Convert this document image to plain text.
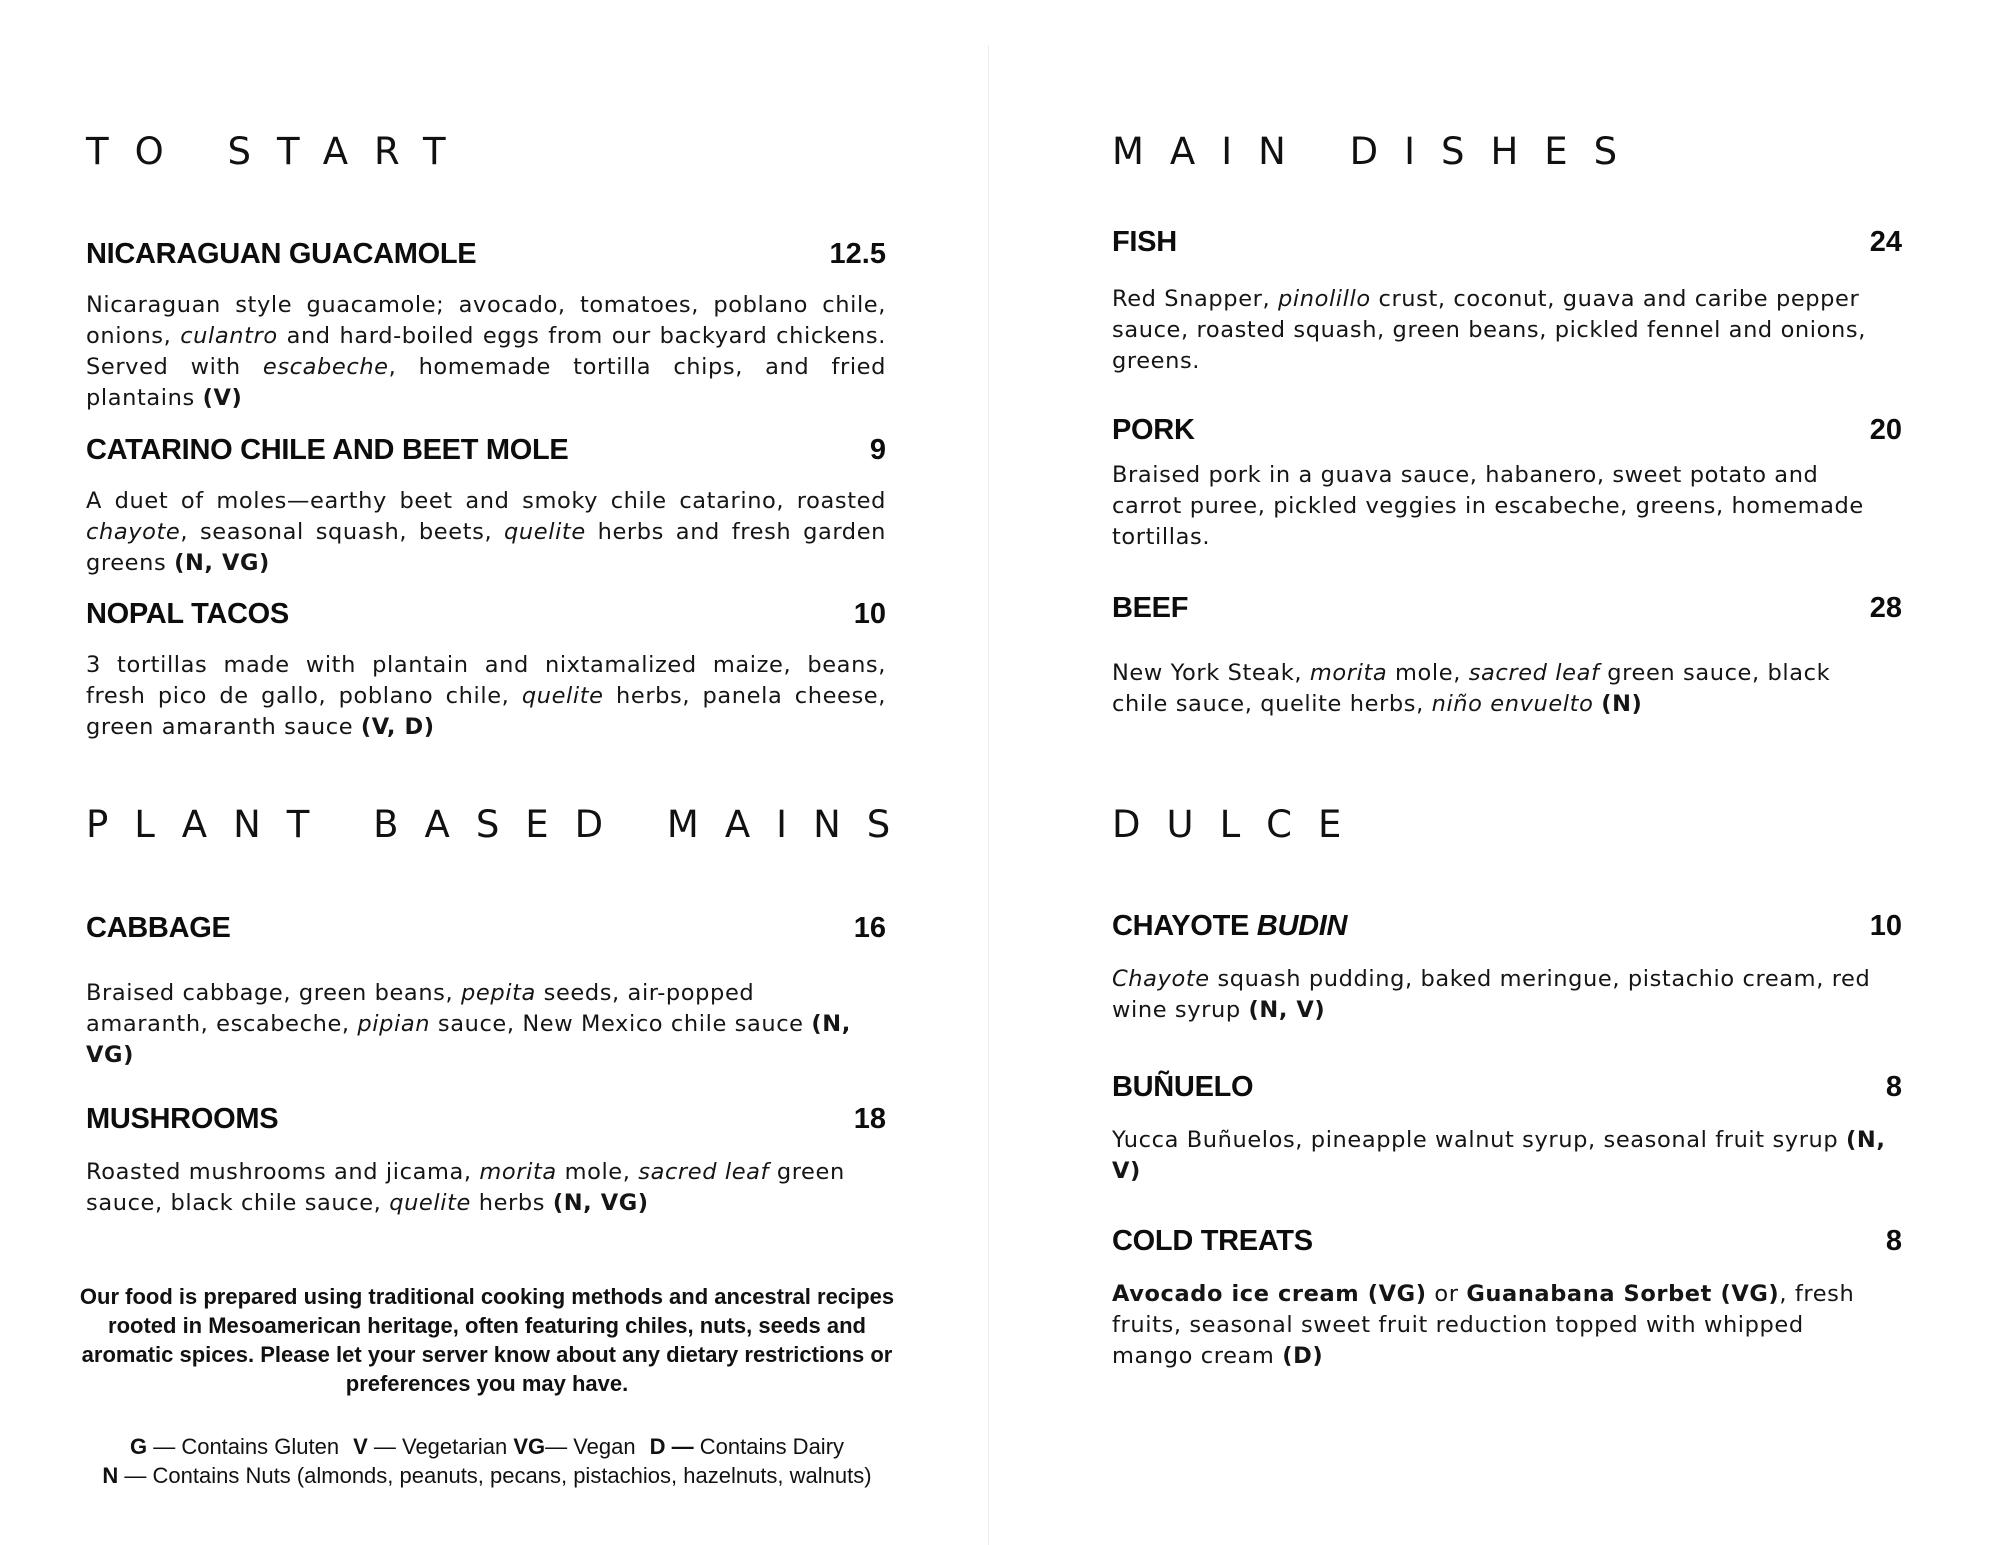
TO START
NICARAGUAN GUACAMOLE	12.5

Nicaraguan style guacamole; avocado, tomatoes, poblano chile, onions, culantro and hard-boiled eggs from our backyard chickens. Served with escabeche, homemade tortilla chips, and fried plantains (V)

CATARINO CHILE AND BEET MOLE	9

A duet of moles—earthy beet and smoky chile catarino, roasted chayote, seasonal squash, beets, quelite herbs and fresh garden greens (N, VG)

NOPAL TACOS	10

3 tortillas made with plantain and nixtamalized maize, beans, fresh pico de gallo, poblano chile, quelite herbs, panela cheese, green amaranth sauce (V, D)

PLANT BASED MAINS
CABBAGE	16

Braised cabbage, green beans, pepita seeds, air-popped amaranth, escabeche, pipian sauce, New Mexico chile sauce (N, VG)

MUSHROOMS	18

Roasted mushrooms and jicama, morita mole, sacred leaf green sauce, black chile sauce, quelite herbs (N, VG)

Our food is prepared using traditional cooking methods and ancestral recipes rooted in Mesoamerican heritage, often featuring chiles, nuts, seeds and aromatic spices. Please let your server know about any dietary restrictions or preferences you may have.

G — Contains Gluten V — Vegetarian VG— Vegan D — Contains Dairy
N — Contains Nuts (almonds, peanuts, pecans, pistachios, hazelnuts, walnuts)
MAIN DISHES
FISH	24

Red Snapper, pinolillo crust, coconut, guava and caribe pepper sauce, roasted squash, green beans, pickled fennel and onions, greens.

PORK	20

Braised pork in a guava sauce, habanero, sweet potato and carrot puree, pickled veggies in escabeche, greens, homemade tortillas.

BEEF	28

New York Steak, morita mole, sacred leaf green sauce, black chile sauce, quelite herbs, niño envuelto (N)

DULCE
CHAYOTE BUDIN	10

Chayote squash pudding, baked meringue, pistachio cream, red wine syrup (N, V)

BUÑUELO	8

Yucca Buñuelos, pineapple walnut syrup, seasonal fruit syrup (N, V)

COLD TREATS	8

Avocado ice cream (VG) or Guanabana Sorbet (VG), fresh fruits, seasonal sweet fruit reduction topped with whipped mango cream (D)
